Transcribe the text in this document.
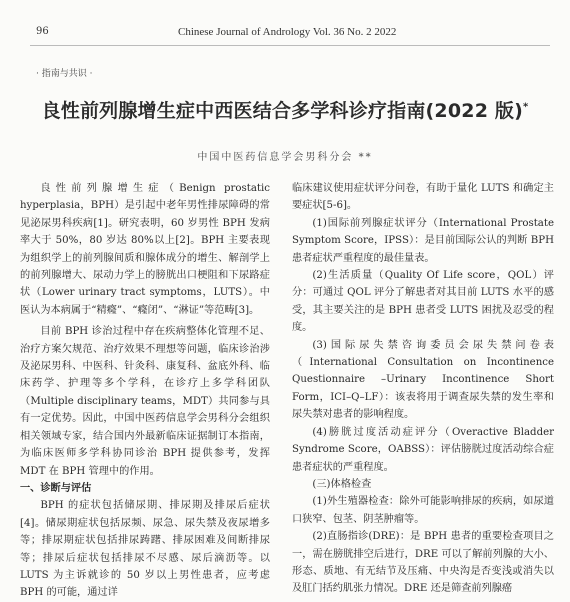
96	Chinese Journal of Andrology Vol. 36 No. 2 2022
· 指南与共识 ·
良性前列腺增生症中西医结合多学科诊疗指南(2022 版)*
中国中医药信息学会男科分会 **

良性前列腺增生症（Benign prostatic hyperplasia，BPH）是引起中老年男性排尿障碍的常见泌尿男科疾病[1]。研究表明，60 岁男性 BPH 发病率大于 50%，80 岁达 80%以上[2]。BPH 主要表现为组织学上的前列腺间质和腺体成分的增生、解剖学上的前列腺增大、尿动力学上的膀胱出口梗阻和下尿路症状（Lower urinary tract symptoms，LUTS）。中医认为本病属于“精癃”、“癃闭”、“淋证”等范畴[3]。

目前 BPH 诊治过程中存在疾病整体化管理不足、治疗方案欠规范、治疗效果不理想等问题，临床诊治涉及泌尿男科、中医科、针灸科、康复科、盆底外科、临床药学、护理等多个学科，在诊疗上多学科团队（Multiple disciplinary teams，MDT）共同参与具有一定优势。因此，中国中医药信息学会男科分会组织相关领域专家，结合国内外最新临床证据制订本指南，为临床医师多学科协同诊治 BPH 提供参考，发挥 MDT 在 BPH 管理中的作用。

一、诊断与评估

BPH 的症状包括储尿期、排尿期及排尿后症状[4]。储尿期症状包括尿频、尿急、尿失禁及夜尿增多等；排尿期症状包括排尿踌躇、排尿困难及间断排尿等；排尿后症状包括排尿不尽感、尿后滴沥等。以 LUTS 为主诉就诊的 50 岁以上男性患者，应考虑 BPH 的可能，通过详

临床建议使用症状评分问卷，有助于量化 LUTS 和确定主要症状[5-6]。

(1)国际前列腺症状评分（International Prostate Symptom Score，IPSS）：是目前国际公认的判断 BPH 患者症状严重程度的最佳量表。

(2)生活质量（Quality Of Life score，QOL）评分：可通过 QOL 评分了解患者对其目前 LUTS 水平的感受，其主要关注的是 BPH 患者受 LUTS 困扰及忍受的程度。

(3)国际尿失禁咨询委员会尿失禁问卷表（International Consultation on Incontinence Questionnaire –Urinary Incontinence Short Form，ICI–Q–LF）：该表将用于调查尿失禁的发生率和尿失禁对患者的影响程度。

(4)膀胱过度活动症评分（Overactive Bladder Syndrome Score，OABSS）：评估膀胱过度活动综合症患者症状的严重程度。

(三)体格检查

(1)外生殖器检查：除外可能影响排尿的疾病，如尿道口狭窄、包茎、阴茎肿瘤等。

(2)直肠指诊(DRE)：是 BPH 患者的重要检查项目之一，需在膀胱排空后进行，DRE 可以了解前列腺的大小、形态、质地、有无结节及压痛、中央沟是否变浅或消失以及肛门括约肌张力情况。DRE 还是筛查前列腺癌
